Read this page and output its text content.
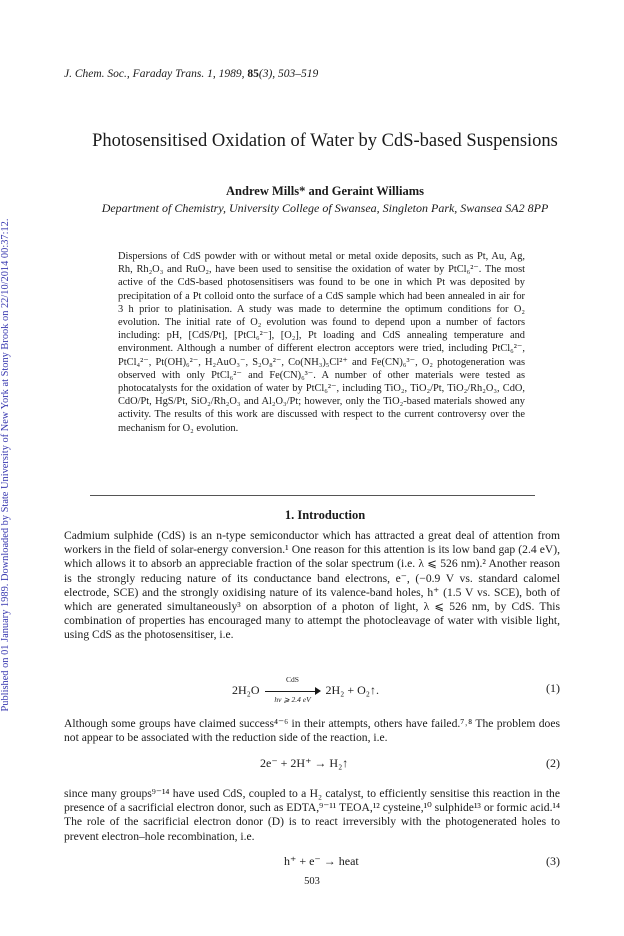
Published on 01 January 1989. Downloaded by State University of New York at Stony Brook on 22/10/2014 00:37:12.
J. Chem. Soc., Faraday Trans. 1, 1989, 85(3), 503–519
Photosensitised Oxidation of Water by CdS-based Suspensions
Andrew Mills* and Geraint Williams
Department of Chemistry, University College of Swansea, Singleton Park, Swansea SA2 8PP
Dispersions of CdS powder with or without metal or metal oxide deposits, such as Pt, Au, Ag, Rh, Rh₂O₃ and RuO₂, have been used to sensitise the oxidation of water by PtCl₆²⁻. The most active of the CdS-based photosensitisers was found to be one in which Pt was deposited by precipitation of a Pt colloid onto the surface of a CdS sample which had been annealed in air for 3 h prior to platinisation. A study was made to determine the optimum conditions for O₂ evolution. The initial rate of O₂ evolution was found to depend upon a number of factors including: pH, [CdS/Pt], [PtCl₆²⁻], [O₂], Pt loading and CdS annealing temperature and environment. Although a number of different electron acceptors were tried, including PtCl₆²⁻, PtCl₄²⁻, Pt(OH)₆²⁻, H₂AuO₃⁻, S₂O₈²⁻, Co(NH₃)₅Cl²⁺ and Fe(CN)₆³⁻, O₂ photogeneration was observed with only PtCl₆²⁻ and Fe(CN)₆³⁻. A number of other materials were tested as photocatalysts for the oxidation of water by PtCl₆²⁻, including TiO₂, TiO₂/Pt, TiO₂/Rh₂O₃, CdO, CdO/Pt, HgS/Pt, SiO₂/Rh₂O₃ and Al₂O₃/Pt; however, only the TiO₂-based materials showed any activity. The results of this work are discussed with respect to the current controversy over the mechanism for O₂ evolution.
1. Introduction
Cadmium sulphide (CdS) is an n-type semiconductor which has attracted a great deal of attention from workers in the field of solar-energy conversion.¹ One reason for this attention is its low band gap (2.4 eV), which allows it to absorb an appreciable fraction of the solar spectrum (i.e. λ ⩽ 526 nm).² Another reason is the strongly reducing nature of its conductance band electrons, e⁻, (−0.9 V vs. standard calomel electrode, SCE) and the strongly oxidising nature of its valence-band holes, h⁺ (1.5 V vs. SCE), both of which are generated simultaneously³ on absorption of a photon of light, λ ⩽ 526 nm, by CdS. This combination of properties has encouraged many to attempt the photocleavage of water with visible light, using CdS as the photosensitiser, i.e.
2H₂O
CdS
hν ⩾ 2.4 eV
2H₂ + O₂↑.	(1)
Although some groups have claimed success⁴⁻⁶ in their attempts, others have failed.⁷˒⁸ The problem does not appear to be associated with the reduction side of the reaction, i.e.
2e⁻ + 2H⁺ → H₂↑	(2)
since many groups⁹⁻¹⁴ have used CdS, coupled to a H₂ catalyst, to efficiently sensitise this reaction in the presence of a sacrificial electron donor, such as EDTA,⁹⁻¹¹ TEOA,¹² cysteine,¹⁰ sulphide¹³ or formic acid.¹⁴ The role of the sacrificial electron donor (D) is to react irreversibly with the photogenerated holes to prevent electron–hole recombination, i.e.
h⁺ + e⁻ → heat	(3)
503
